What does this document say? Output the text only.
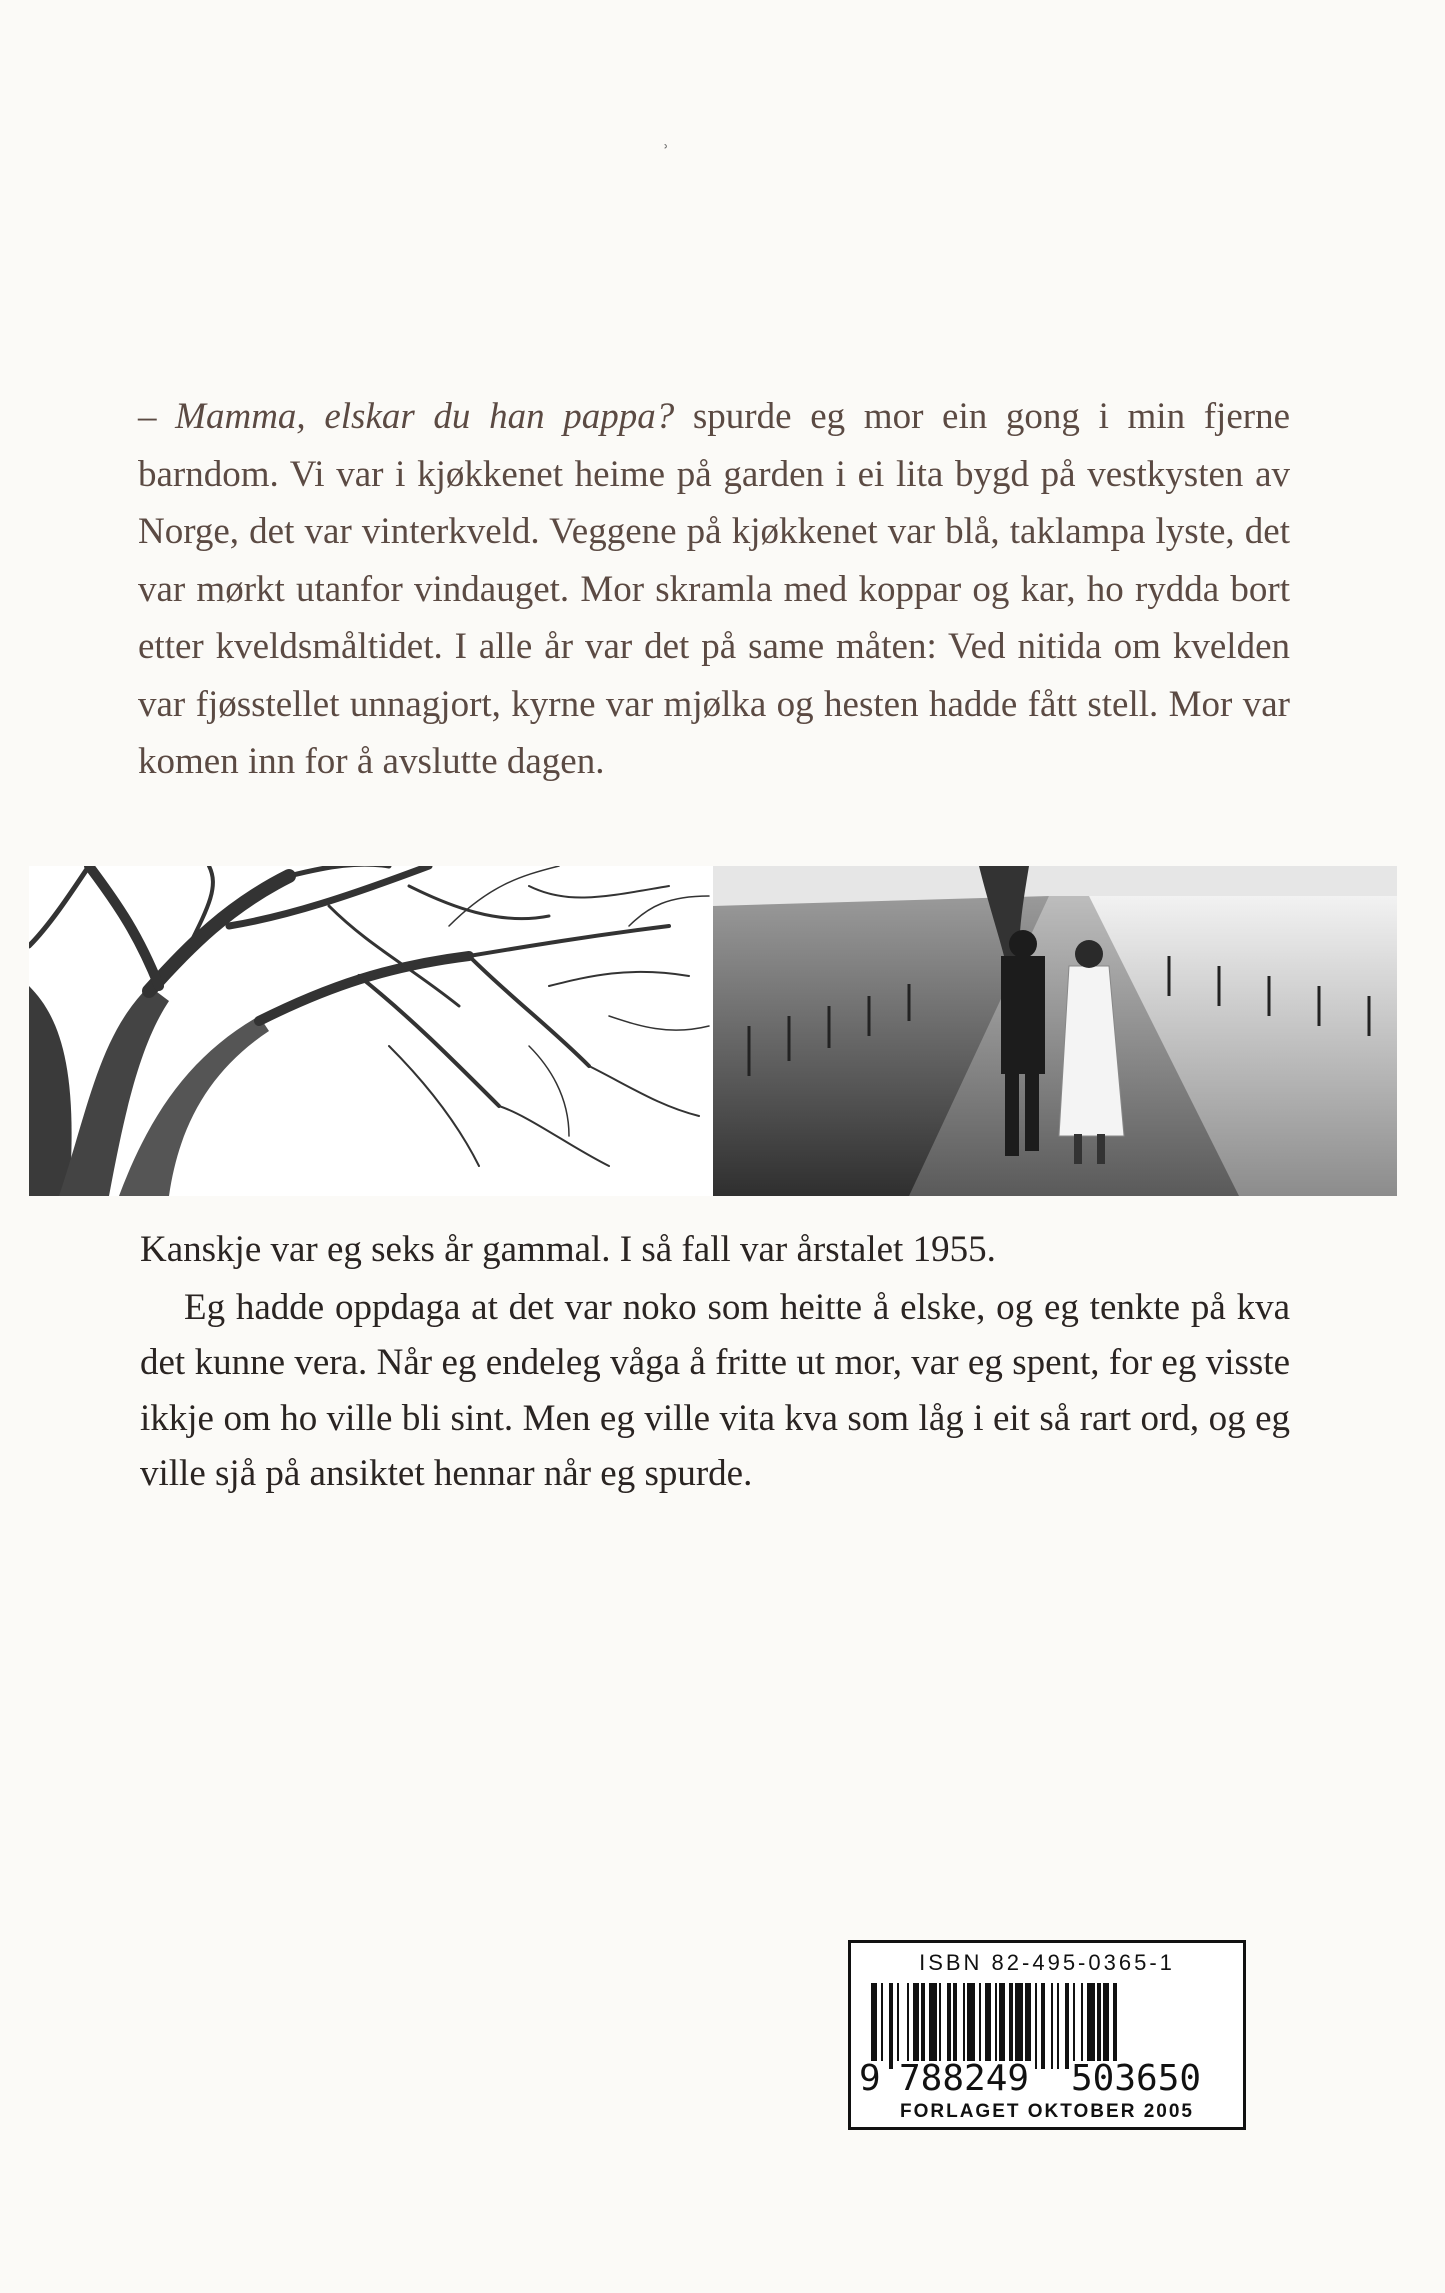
ʾ

– Mamma, elskar du han pappa? spurde eg mor ein gong i min fjerne barndom. Vi var i kjøkkenet heime på garden i ei lita bygd på vestkysten av Norge, det var vinterkveld. Veggene på kjøkkenet var blå, taklampa lyste, det var mørkt utanfor vindauget. Mor skramla med koppar og kar, ho rydda bort etter kveldsmåltidet. I alle år var det på same måten: Ved nitida om kvelden var fjøsstellet unnagjort, kyrne var mjølka og hesten hadde fått stell. Mor var komen inn for å avslutte dagen.

Kanskje var eg seks år gammal. I så fall var årstalet 1955.

Eg hadde oppdaga at det var noko som heitte å elske, og eg tenkte på kva det kunne vera. Når eg endeleg våga å fritte ut mor, var eg spent, for eg visste ikkje om ho ville bli sint. Men eg ville vita kva som låg i eit så rart ord, og eg ville sjå på ansiktet hennar når eg spurde.

ISBN 82-495-0365-1
9 788249 503650
FORLAGET OKTOBER 2005
